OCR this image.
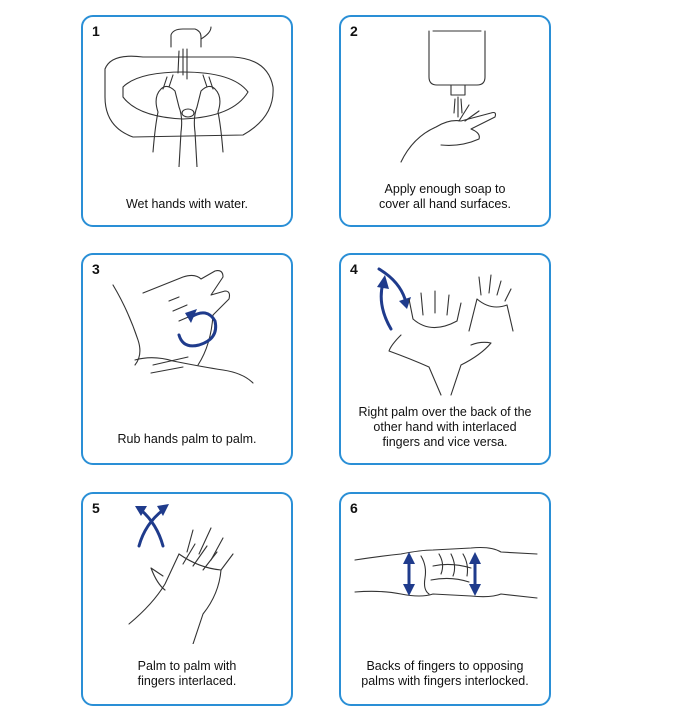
1
Wet hands with water.
2
Apply enough soap to
cover all hand surfaces.
3
Rub hands palm to palm.
4
Right palm over the back of the
other hand with interlaced
fingers and vice versa.
5
Palm to palm with
fingers interlaced.
6
Backs of fingers to opposing
palms with fingers interlocked.
